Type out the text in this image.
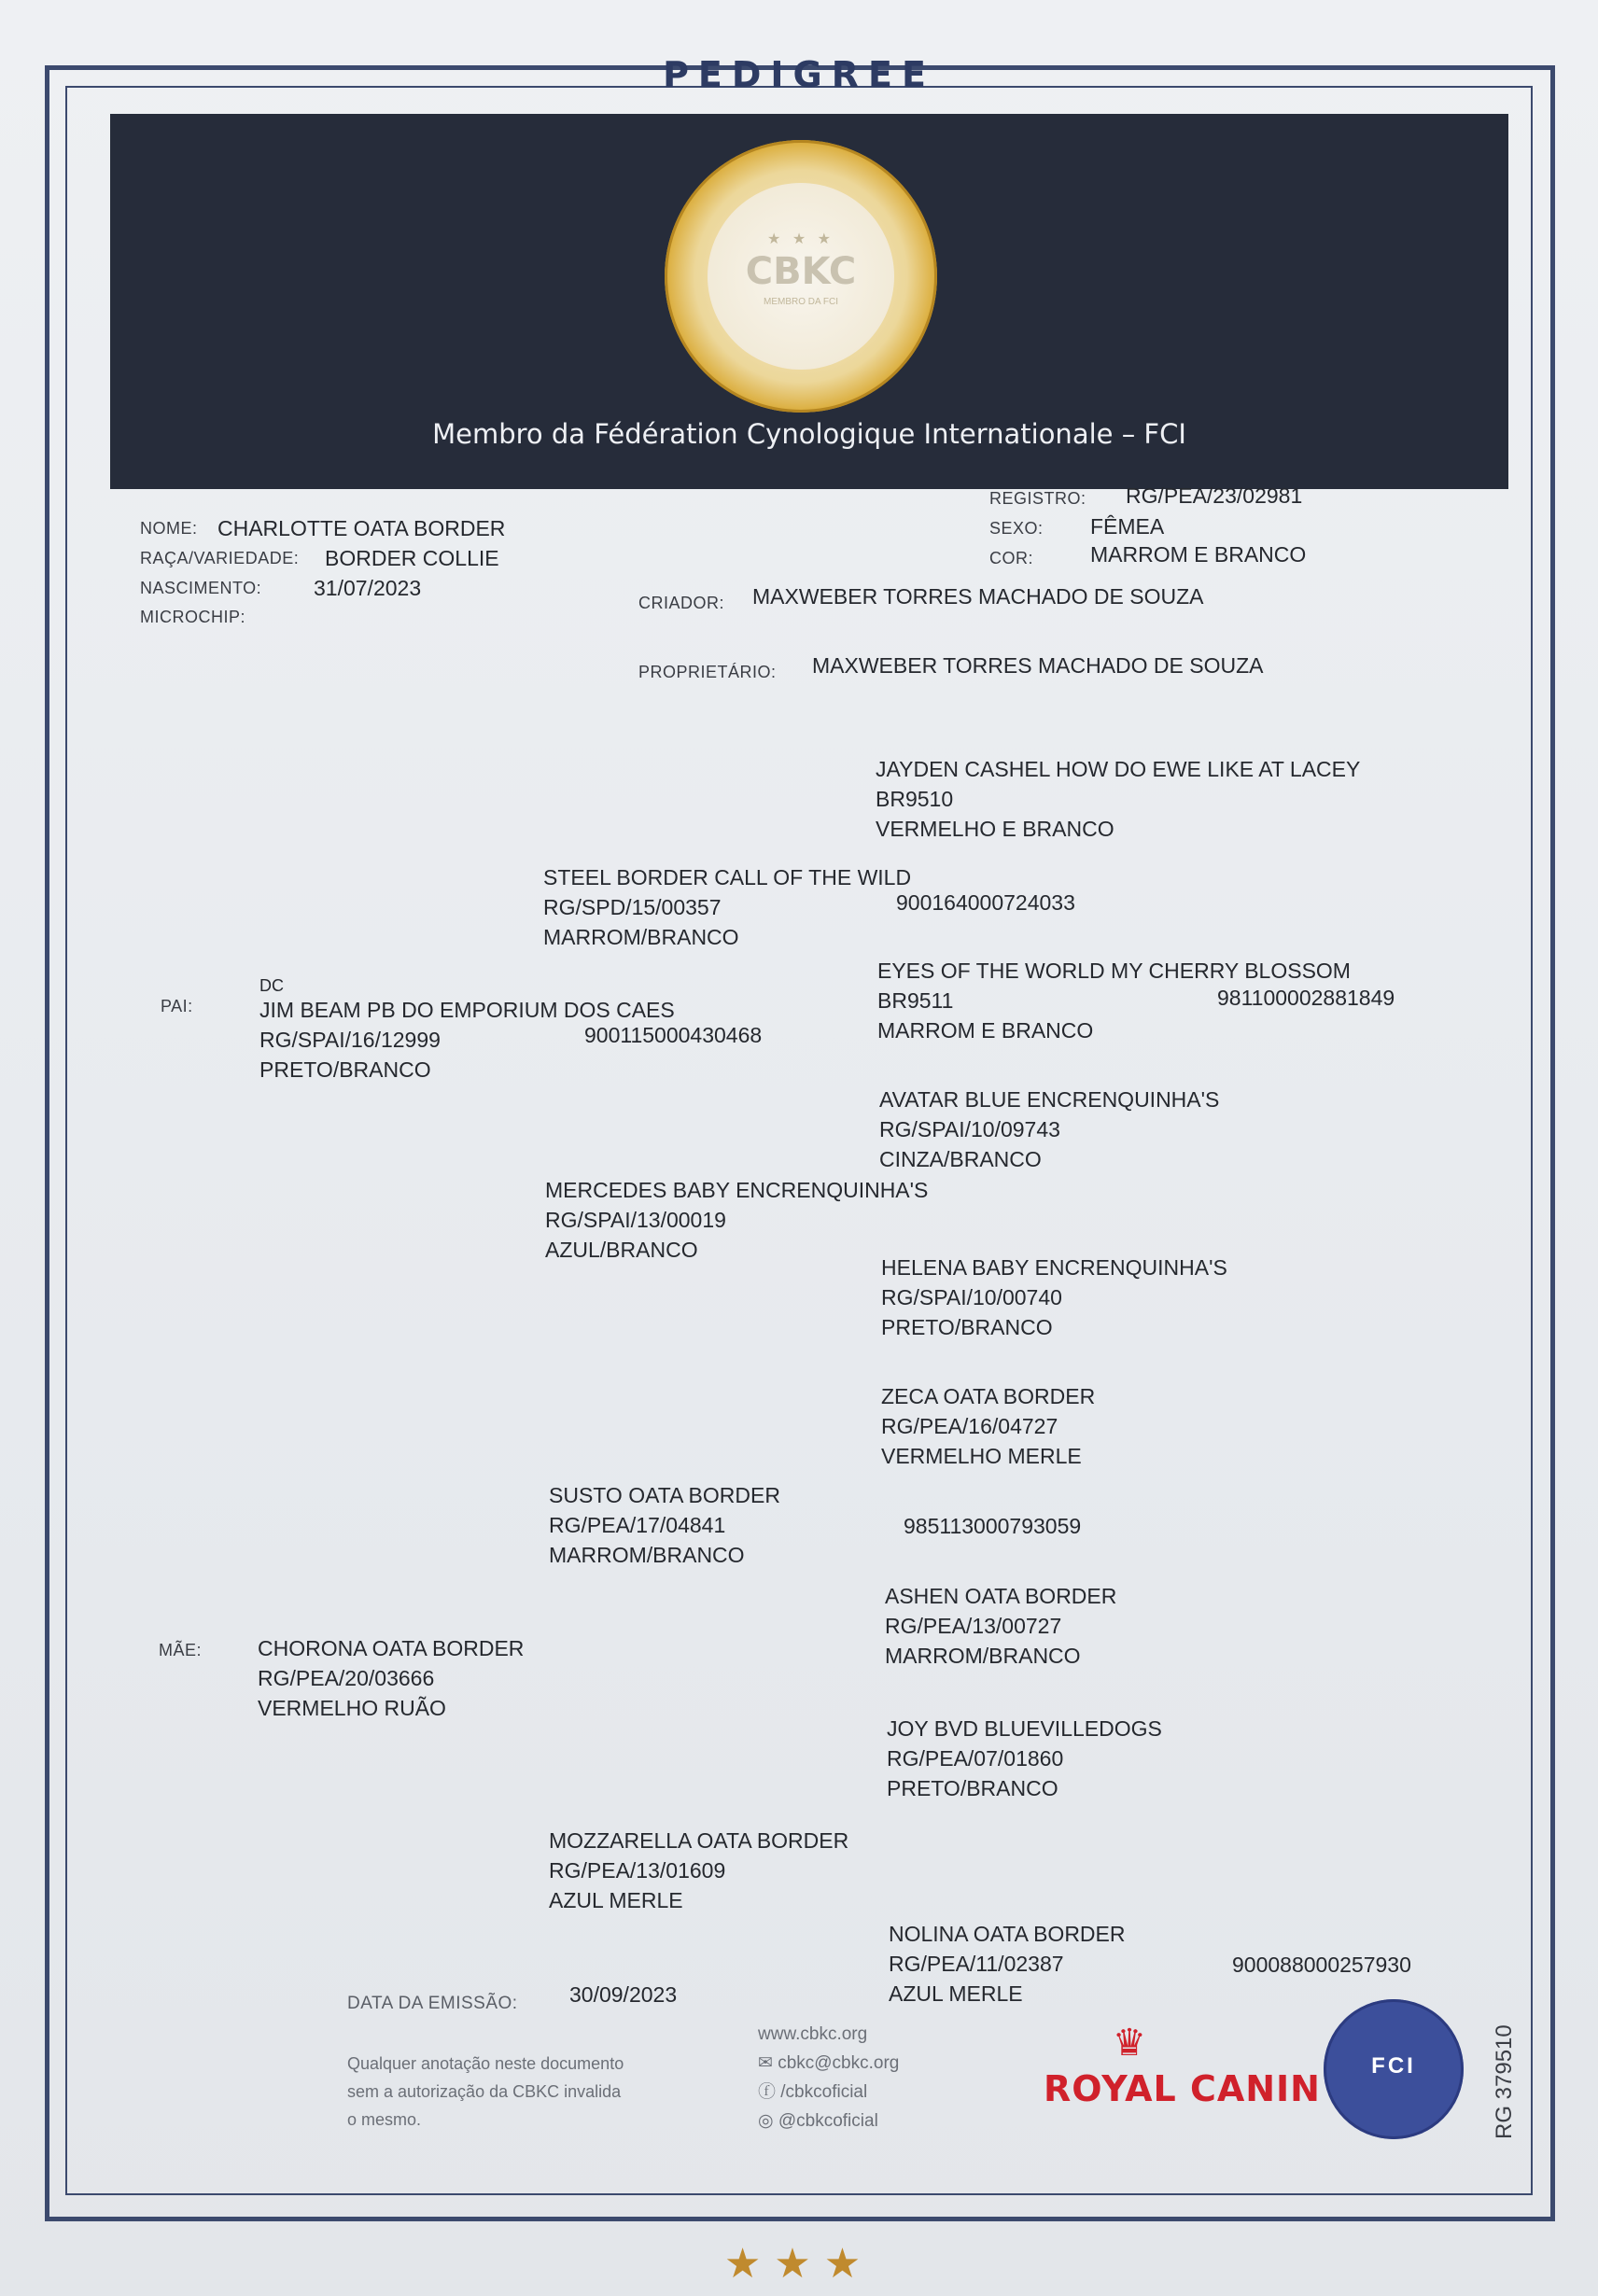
PEDIGREE
Membro da Fédération Cynologique Internationale – FCI
★ ★ ★
CBKC
MEMBRO DA FCI
NOME: CHARLOTTE OATA BORDER
RAÇA/VARIEDADE: BORDER COLLIE
NASCIMENTO: 31/07/2023
MICROCHIP:
REGISTRO: RG/PEA/23/02981
SEXO: FÊMEA
COR:	MARROM E BRANCO
CRIADOR: MAXWEBER TORRES MACHADO DE SOUZA
PROPRIETÁRIO: MAXWEBER TORRES MACHADO DE SOUZA
PAI:
DC
JIM BEAM PB DO EMPORIUM DOS CAES
RG/SPAI/16/12999
PRETO/BRANCO
900115000430468
STEEL BORDER CALL OF THE WILD
RG/SPD/15/00357
MARROM/BRANCO
JAYDEN CASHEL HOW DO EWE LIKE AT LACEY
BR9510
VERMELHO E BRANCO
900164000724033
EYES OF THE WORLD MY CHERRY BLOSSOM
BR9511
MARROM E BRANCO
981100002881849
MERCEDES BABY ENCRENQUINHA'S
RG/SPAI/13/00019
AZUL/BRANCO
AVATAR BLUE ENCRENQUINHA'S
RG/SPAI/10/09743
CINZA/BRANCO
HELENA BABY ENCRENQUINHA'S
RG/SPAI/10/00740
PRETO/BRANCO
MÃE:	CHORONA OATA BORDER
RG/PEA/20/03666
VERMELHO RUÃO
SUSTO OATA BORDER
RG/PEA/17/04841
MARROM/BRANCO
ZECA OATA BORDER
RG/PEA/16/04727
VERMELHO MERLE
985113000793059
ASHEN OATA BORDER
RG/PEA/13/00727
MARROM/BRANCO
MOZZARELLA OATA BORDER
RG/PEA/13/01609
AZUL MERLE
JOY BVD BLUEVILLEDOGS
RG/PEA/07/01860
PRETO/BRANCO
NOLINA OATA BORDER
RG/PEA/11/02387
AZUL MERLE
900088000257930
DATA DA EMISSÃO: 30/09/2023
Qualquer anotação neste documento
sem a autorização da CBKC invalida
o mesmo.
www.cbkc.org
✉ cbkc@cbkc.org
ⓕ /cbkcoficial
◎ @cbkcoficial
♛
ROYAL CANIN
FCI	RG 379510
★★★
